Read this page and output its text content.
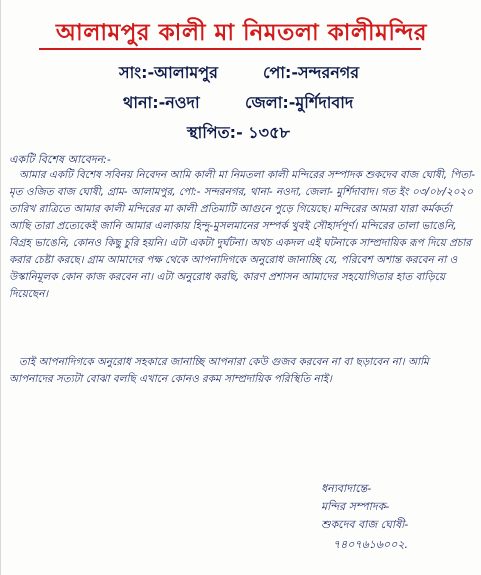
আলামপুর কালী মা নিমতলা কালীমন্দির
সাং:-আলামপুর	পো:-সন্দরনগর
থানা:-নওদা	জেলা:-মুর্শিদাবাদ
স্থাপিত:- ১৩৫৮
একটি বিশেষ আবেদন:-
আমার একটি বিশেষ সবিনয় নিবেদন আমি কালী মা নিমতলা কালী মন্দিরের সম্পাদক শুকদেব বাজ ঘোষী, পিতা- মৃত ওজিত বাজ ঘোষী, গ্রাম- আলামপুর, পো:- সন্দরনগর, থানা- নওদা, জেলা- মুর্শিদাবাদ। গত ইং ০৩/০৮/২০২০ তারিখ রাত্রিতে আমার কালী মন্দিরের মা কালী প্রতিমাটি আগুনে পুড়ে গিয়েছে। মন্দিরের আমরা যারা কর্মকর্তা আছি তারা প্রত্যেকেই জানি আমার এলাকায় হিন্দু-মুসলমানের সম্পর্ক খুবই সৌহার্দপূর্ণ। মন্দিরের তালা ভাঙেনি, বিগ্রহ ভাঙেনি, কোনও কিছু চুরি হয়নি। এটা একটা দুর্ঘটনা। অথচ একদল এই ঘটনাকে সাম্প্রদায়িক রূপ দিয়ে প্রচার করার চেষ্টা করছে। গ্রাম আমাদের পক্ষ থেকে আপনাদিগকে অনুরোধ জানাচ্ছি যে, পরিবেশ অশান্ত করবেন না ও উস্কানিমূলক কোন কাজ করবেন না। এটা অনুরোধ করছি, কারণ প্রশাসন আমাদের সহযোগিতার হাত বাড়িয়ে দিয়েছেন।
তাই আপনাদিগকে অনুরোধ সহকারে জানাচ্ছি আপনারা কেউ গুজব করবেন না বা ছড়াবেন না। আমি আপনাদের সত্যটা বোঝা বলছি এখানে কোনও রকম সাম্প্রদায়িক পরিস্থিতি নাই।
ধন্যবাদান্তে-
মন্দির সম্পাদক-
শুকদেব বাজ ঘোষী-
৭৪০৭৬১৬০০২.
